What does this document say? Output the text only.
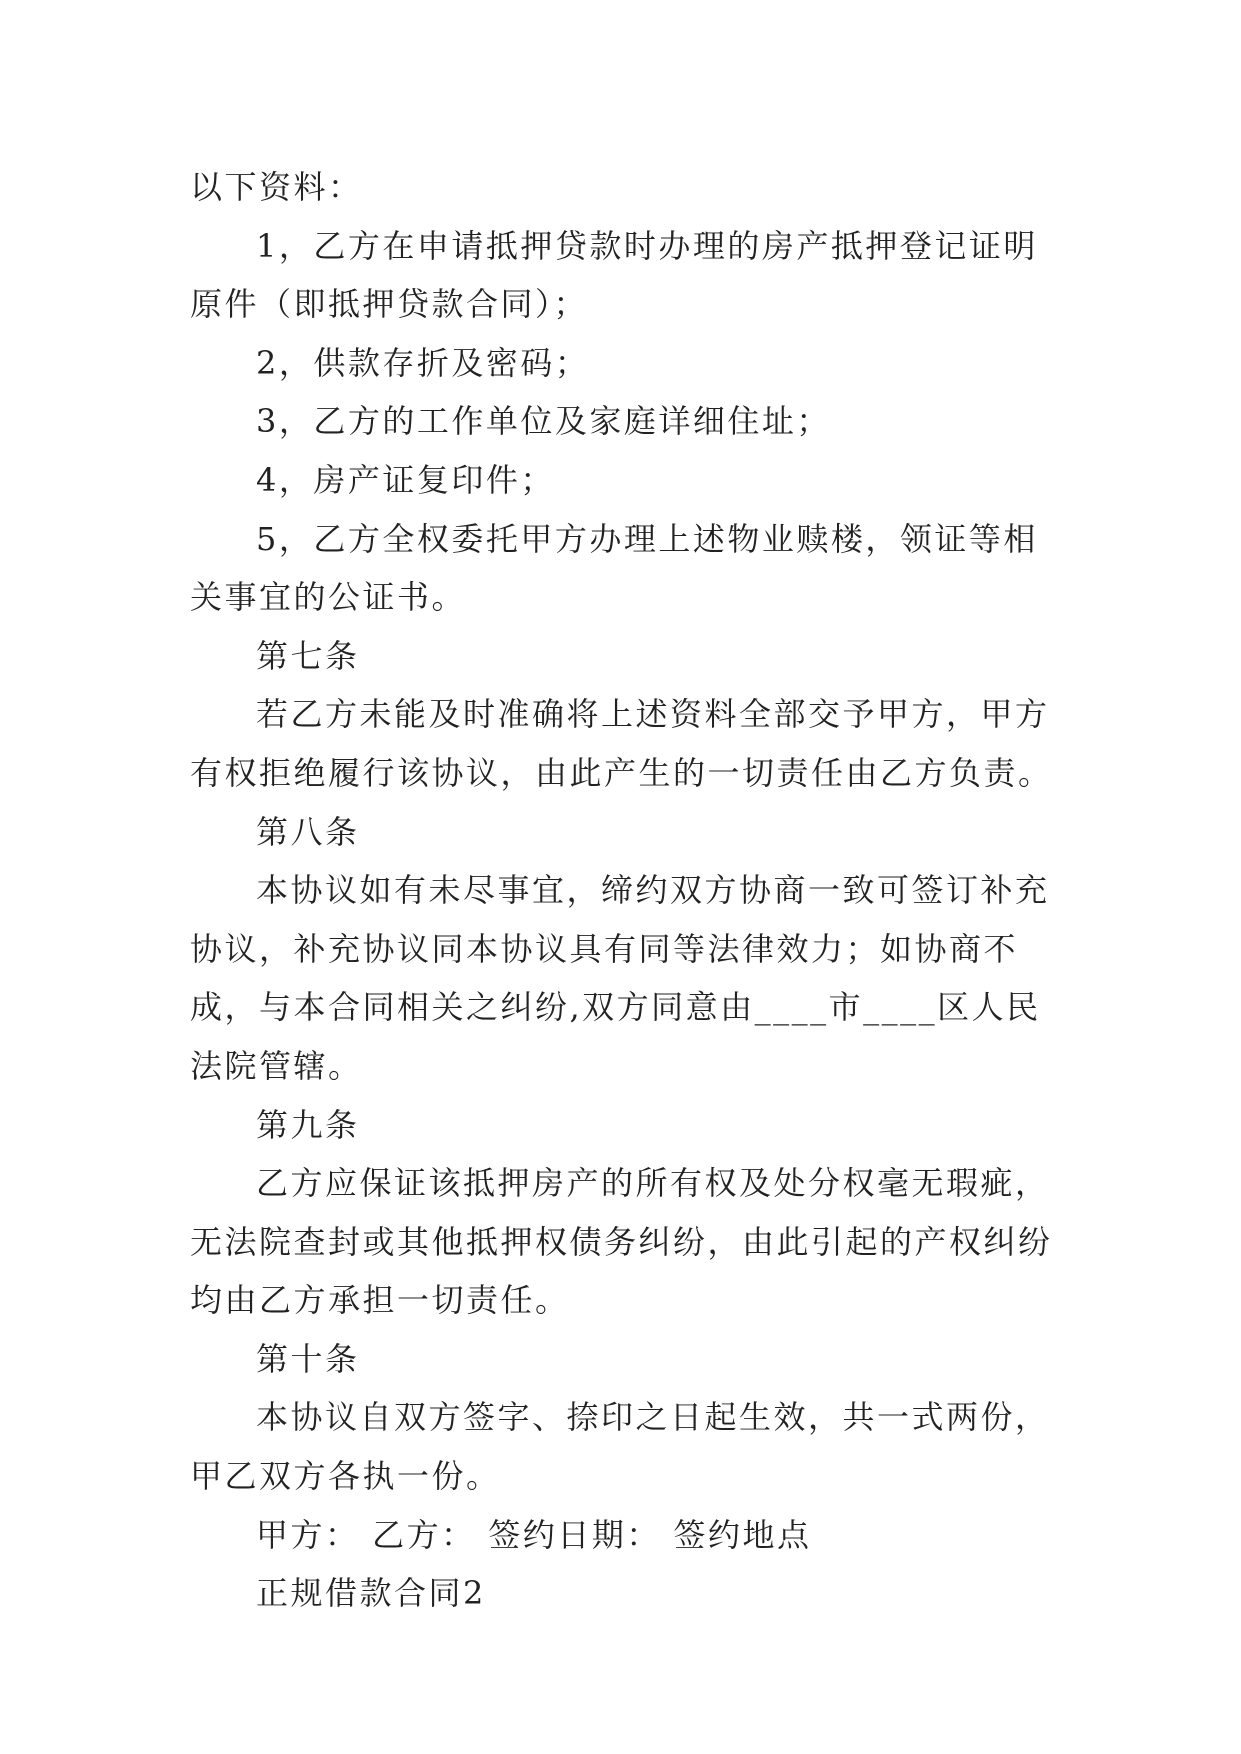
以下资料：

1，乙方在申请抵押贷款时办理的房产抵押登记证明原件（即抵押贷款合同）；

2，供款存折及密码；

3，乙方的工作单位及家庭详细住址；

4，房产证复印件；

5，乙方全权委托甲方办理上述物业赎楼，领证等相关事宜的公证书。

第七条

若乙方未能及时准确将上述资料全部交予甲方，甲方有权拒绝履行该协议，由此产生的一切责任由乙方负责。

第八条

本协议如有未尽事宜，缔约双方协商一致可签订补充协议，补充协议同本协议具有同等法律效力；如协商不成，与本合同相关之纠纷,双方同意由____市____区人民法院管辖。

第九条

乙方应保证该抵押房产的所有权及处分权毫无瑕疵，无法院查封或其他抵押权债务纠纷，由此引起的产权纠纷均由乙方承担一切责任。

第十条

本协议自双方签字、捺印之日起生效，共一式两份，甲乙双方各执一份。

甲方： 乙方： 签约日期： 签约地点

正规借款合同2
